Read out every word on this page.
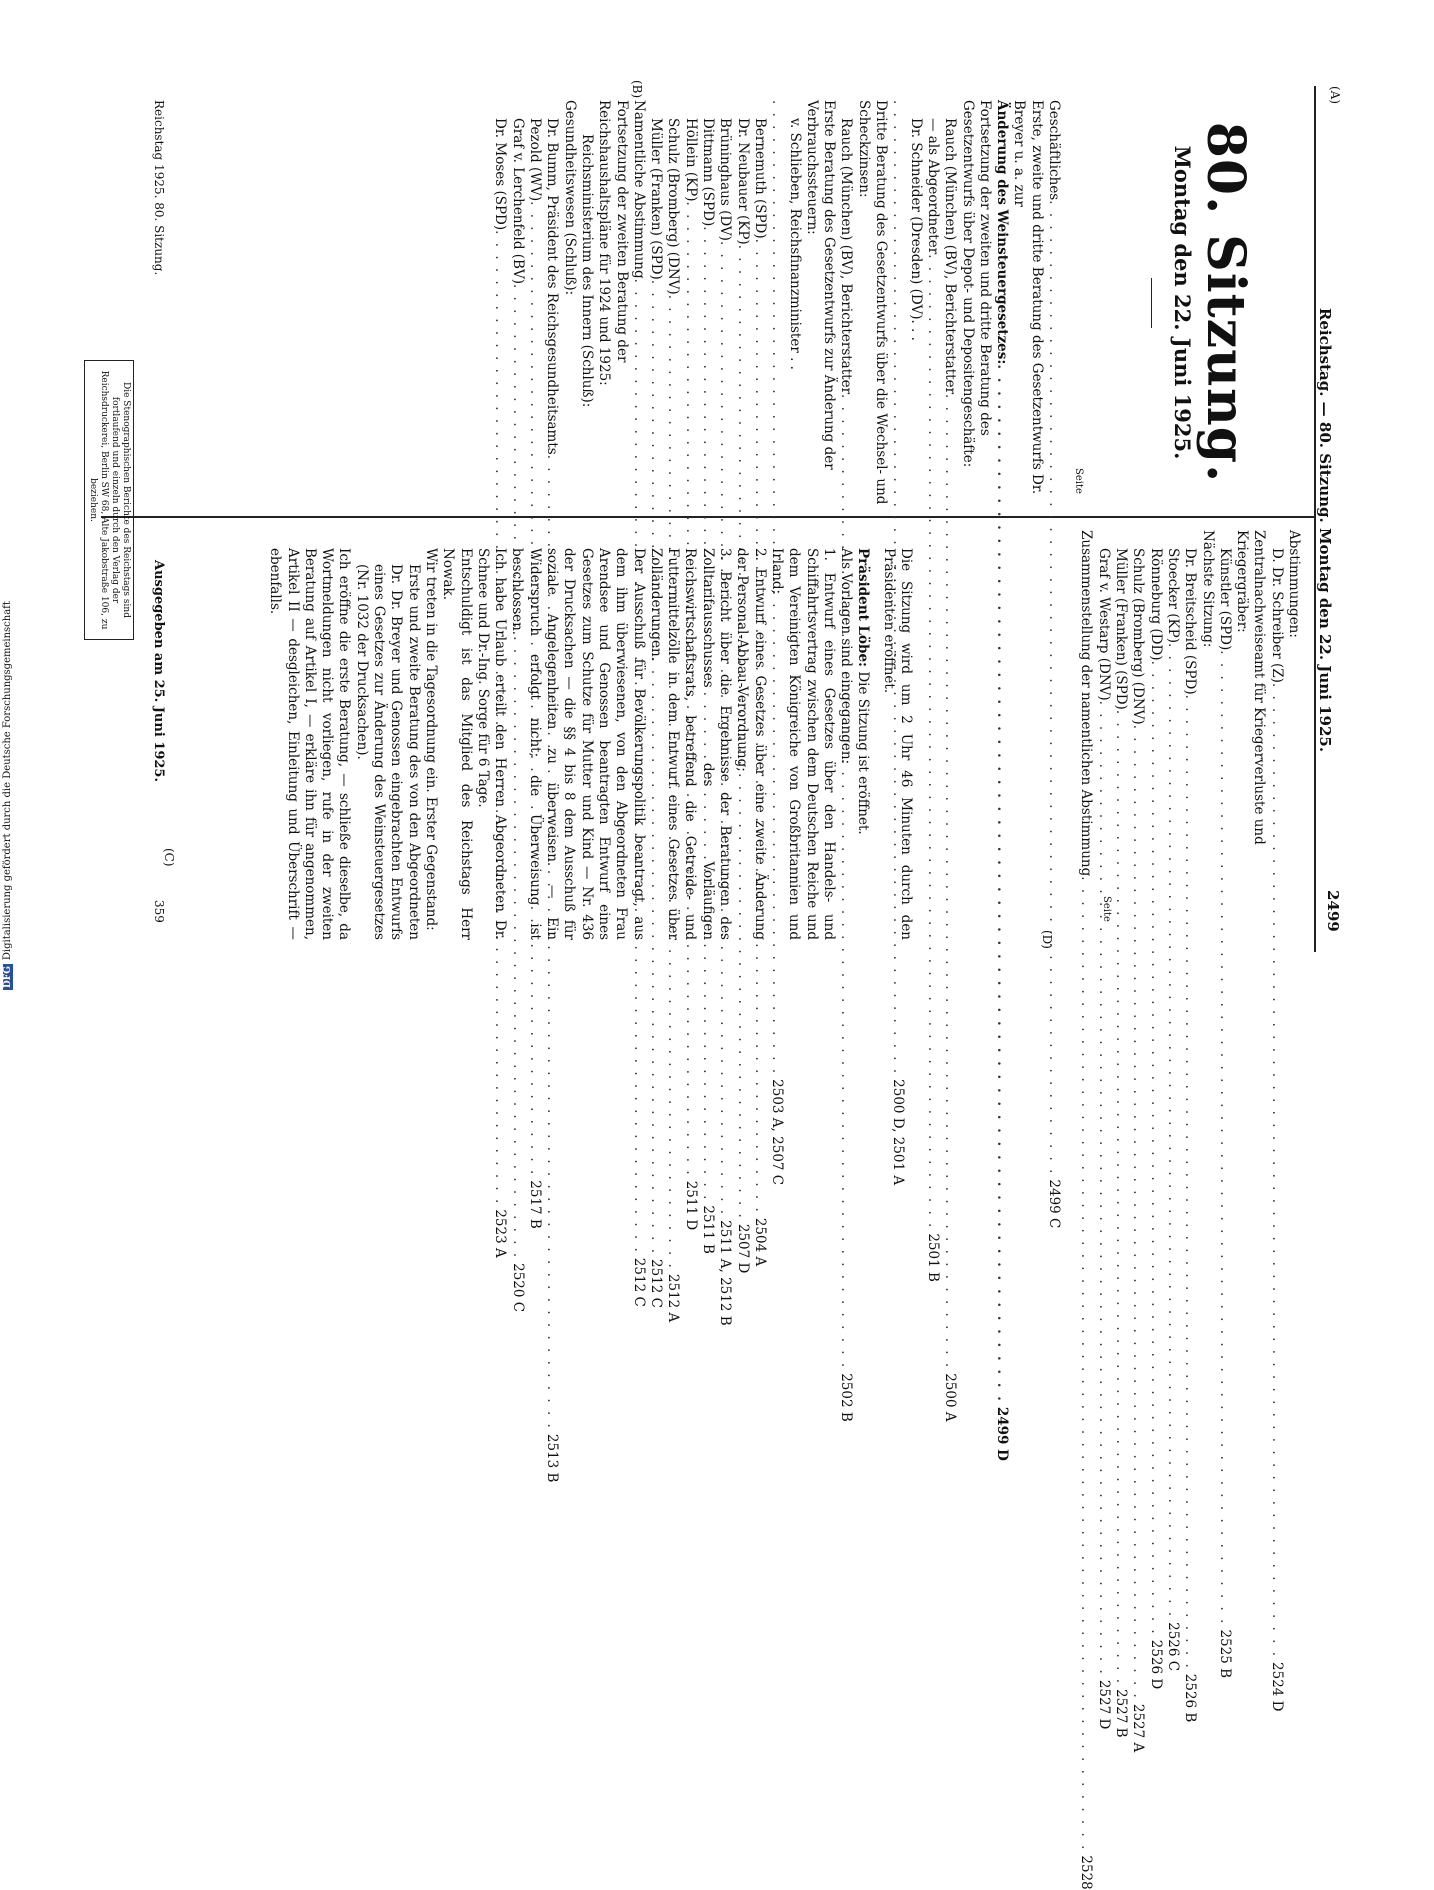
(A)
Reichstag. — 80. Sitzung. Montag den 22. Juni 1925.
2499
(C)
80. Sitzung.
Montag den 22. Juni 1925.
Seite
Geschäftliches
. . .
2499 C
Erste, zweite und dritte Beratung des Gesetzentwurfs Dr. Breyer u. a. zur
Änderung des Weinsteuergesetzes:
. . .
2499 D
Fortsetzung der zweiten und dritte Beratung des Gesetzentwurfs über Depot- und Depositengeschäfte:
Rauch (München) (BV), Berichterstatter
. . .
2500 A
— als Abgeordneter
. . .
2501 B
Dr. Schneider (Dresden) (DV). . .
. . .
2500 D, 2501 A
Dritte Beratung des Gesetzentwurfs über die Wechsel- und Scheckzinsen:
Rauch (München) (BV), Berichterstatter
. . .
2502 B
Erste Beratung des Gesetzentwurfs zur Änderung der Verbrauchssteuern:
v. Schlieben, Reichsfinanzminister . .
. . .
2503 A, 2507 C
Bernemuth (SPD)
. . .
2504 A
Dr. Neubauer (KP)
. . .
2507 D
Brüninghaus (DV)
. . .
2511 A, 2512 B
Dittmann (SPD)
. . .
2511 B
Höllein (KP)
. . .
2511 D
Schulz (Bromberg) (DNV)
. . .
2512 A
Müller (Franken) (SPD)
. . .
2512 C
Namentliche Abstimmung
. . .
2512 C
Fortsetzung der zweiten Beratung der Reichshaushaltspläne für 1924 und 1925:
Reichsministerium des Innern (Schluß):
Gesundheitswesen (Schluß):
Dr. Bumm, Präsident des Reichsgesundheitsamts
. . .
2513 B
Pezold (WV)
. . .
2517 B
Graf v. Lerchenfeld (BV)
. . .
2520 C
Dr. Moses (SPD)
. . .
2523 A
Seite
Abstimmungen:
D. Dr. Schreiber (Z)
. . .
2524 D
Zentralnachweiseamt für Kriegerverluste und Kriegergräber:
Künstler (SPD)
. . .
2525 B
Nächste Sitzung:
Dr. Breitscheid (SPD)
. . .
2526 B
Stoecker (KP)
. . .
2526 C
Rönneburg (DD)
. . .
2526 D
Schulz (Bromberg) (DNV)
. . .
2527 A
Müller (Franken) (SPD)
. . .
2527 B
Graf v. Westarp (DNV)
. . .
2527 D
Zusammenstellung der namentlichen Abstimmung
. . .
2528

Die Sitzung wird um 2 Uhr 46 Minuten durch den Präsidenten eröffnet.

Präsident Löbe: Die Sitzung ist eröffnet.

Als Vorlagen sind eingegangen:

1. Entwurf eines Gesetzes über den Handels- und Schiffahrtsvertrag zwischen dem Deutschen Reiche und dem Vereinigten Königreiche von Großbritannien und Irland;

2. Entwurf eines Gesetzes über eine zweite Änderung der Personal-Abbau-Verordnung;

3. Bericht über die Ergebnisse der Beratungen des Zolltarifausschusses des Vorläufigen Reichswirtschaftsrats, betreffend die Getreide- und Futtermittelzölle in dem Entwurf eines Gesetzes über Zolländerungen.

Der Ausschuß für Bevölkerungspolitik beantragt, aus dem ihm überwiesenen, von den Abgeordneten Frau Arendsee und Genossen beantragten Entwurf eines Gesetzes zum Schutze für Mutter und Kind — Nr. 436 der Drucksachen — die §§ 4 bis 8 dem Ausschuß für soziale Angelegenheiten zu überweisen. — Ein Widerspruch erfolgt nicht; die Überweisung ist beschlossen.

Ich habe Urlaub erteilt den Herren Abgeordneten Dr. Schnee und Dr.-Ing. Sorge für 6 Tage.

Entschuldigt ist das Mitglied des Reichstags Herr Nowak.

Wir treten in die Tagesordnung ein. Erster Gegenstand:

Erste und zweite Beratung des von den Abgeordneten Dr. Dr. Breyer und Genossen eingebrachten Entwurfs eines Gesetzes zur Änderung des Weinsteuergesetzes (Nr. 1032 der Drucksachen).

Ich eröffne die erste Beratung, — schließe dieselbe, da Wortmeldungen nicht vorliegen, rufe in der zweiten Beratung auf Artikel I, — erkläre ihn für angenommen, Artikel II — desgleichen, Einleitung und Überschrift — ebenfalls.

(D)
(B)
Reichstag 1925. 80. Sitzung.
Ausgegeben am 25. Juni 1925.
359
Die Stenographischen Berichte des Reichstags sind fortlaufend und einzeln durch den Verlag der Reichsdruckerei, Berlin SW 68, Alte Jakobstraße 106, zu beziehen.
DFGDigitalisierung gefördert durch die Deutsche Forschungsgemeinschaft
